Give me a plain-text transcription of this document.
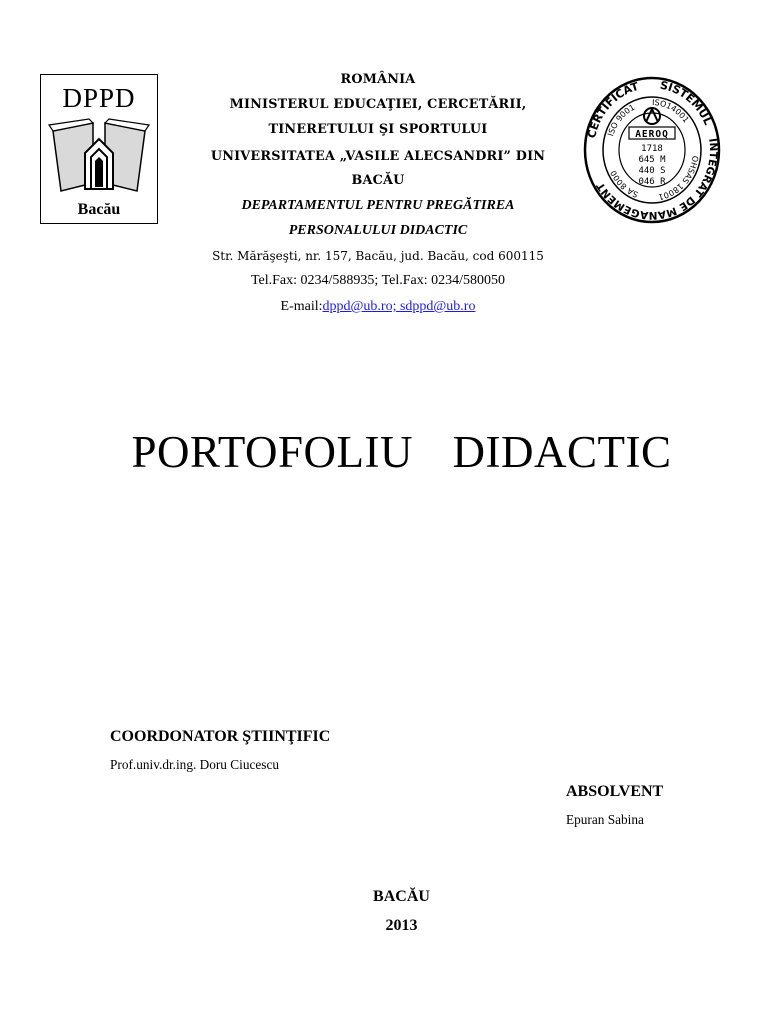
DPPD
Bacău
ROMÂNIA
MINISTERUL EDUCAŢIEI, CERCETĂRII,
TINERETULUI ŞI SPORTULUI
UNIVERSITATEA „VASILE ALECSANDRI” DIN
BACĂU
DEPARTAMENTUL PENTRU PREGĂTIREA
PERSONALULUI DIDACTIC
Str. Mărăşeşti, nr. 157, Bacău, jud. Bacău, cod 600115
Tel.Fax: 0234/588935; Tel.Fax: 0234/580050
E-mail:dppd@ub.ro; sdppd@ub.ro
CERTIFICAT SISTEMUL
INTEGRAT DE MANAGEMENT
ISO 9001
ISO14001
OHSAS 18001
SA 8000
AEROQ
1718
645 M
440 S
046 R
PORTOFOLIU  DIDACTIC
COORDONATOR ŞTIINŢIFIC
Prof.univ.dr.ing. Doru Ciucescu
ABSOLVENT
Epuran Sabina
BACĂU
2013
